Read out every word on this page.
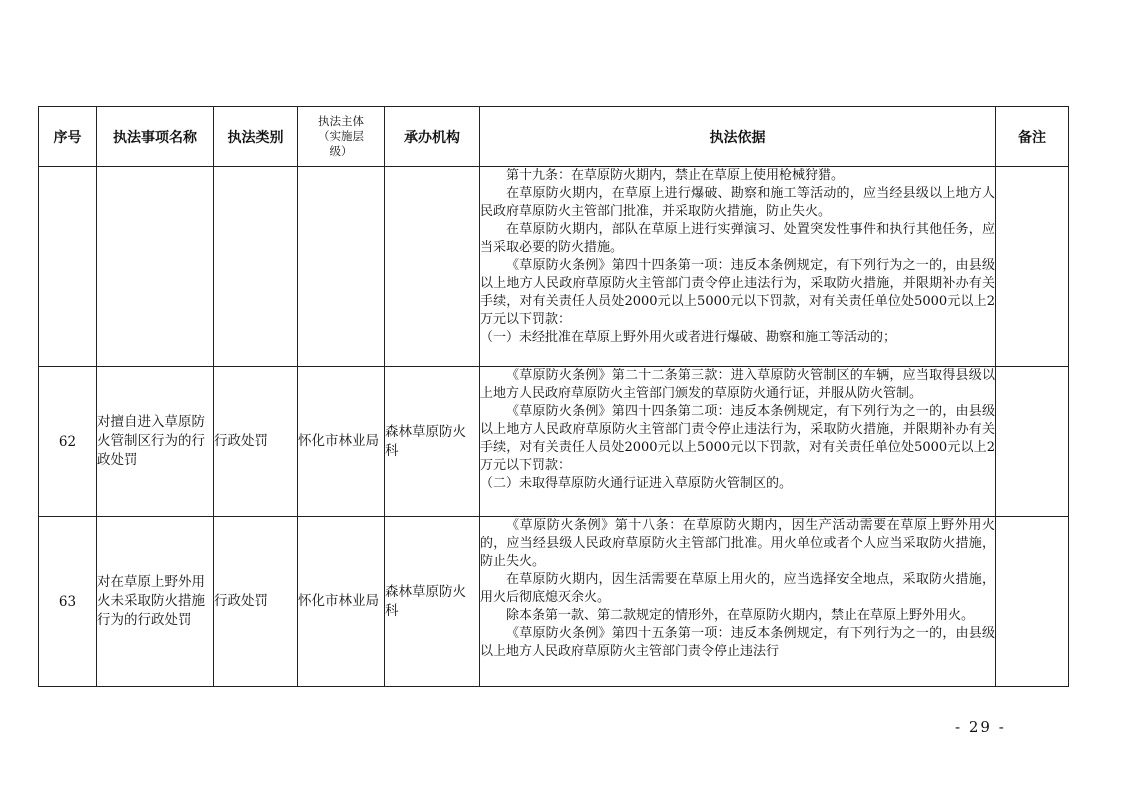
序号	执法事项名称	执法类别	执法主体（实施层级）	承办机构	执法依据	备注

					第十九条：在草原防火期内，禁止在草原上使用枪械狩猎。

在草原防火期内，在草原上进行爆破、勘察和施工等活动的，应当经县级以上地方人民政府草原防火主管部门批准，并采取防火措施，防止失火。

在草原防火期内，部队在草原上进行实弹演习、处置突发性事件和执行其他任务，应当采取必要的防火措施。

《草原防火条例》第四十四条第一项：违反本条例规定，有下列行为之一的，由县级以上地方人民政府草原防火主管部门责令停止违法行为，采取防火措施，并限期补办有关手续，对有关责任人员处2000元以上5000元以下罚款，对有关责任单位处5000元以上2万元以下罚款：

（一）未经批准在草原上野外用火或者进行爆破、勘察和施工等活动的；	

62	对擅自进入草原防火管制区行为的行政处罚	行政处罚	怀化市林业局	森林草原防火科	《草原防火条例》第二十二条第三款：进入草原防火管制区的车辆，应当取得县级以上地方人民政府草原防火主管部门颁发的草原防火通行证，并服从防火管制。

《草原防火条例》第四十四条第二项：违反本条例规定，有下列行为之一的，由县级以上地方人民政府草原防火主管部门责令停止违法行为，采取防火措施，并限期补办有关手续，对有关责任人员处2000元以上5000元以下罚款，对有关责任单位处5000元以上2万元以下罚款：

（二）未取得草原防火通行证进入草原防火管制区的。	

63	对在草原上野外用火未采取防火措施行为的行政处罚	行政处罚	怀化市林业局	森林草原防火科	《草原防火条例》第十八条：在草原防火期内，因生产活动需要在草原上野外用火的，应当经县级人民政府草原防火主管部门批准。用火单位或者个人应当采取防火措施，防止失火。

在草原防火期内，因生活需要在草原上用火的，应当选择安全地点，采取防火措施，用火后彻底熄灭余火。

除本条第一款、第二款规定的情形外，在草原防火期内，禁止在草原上野外用火。

《草原防火条例》第四十五条第一项：违反本条例规定，有下列行为之一的，由县级以上地方人民政府草原防火主管部门责令停止违法行	

- 29 -
